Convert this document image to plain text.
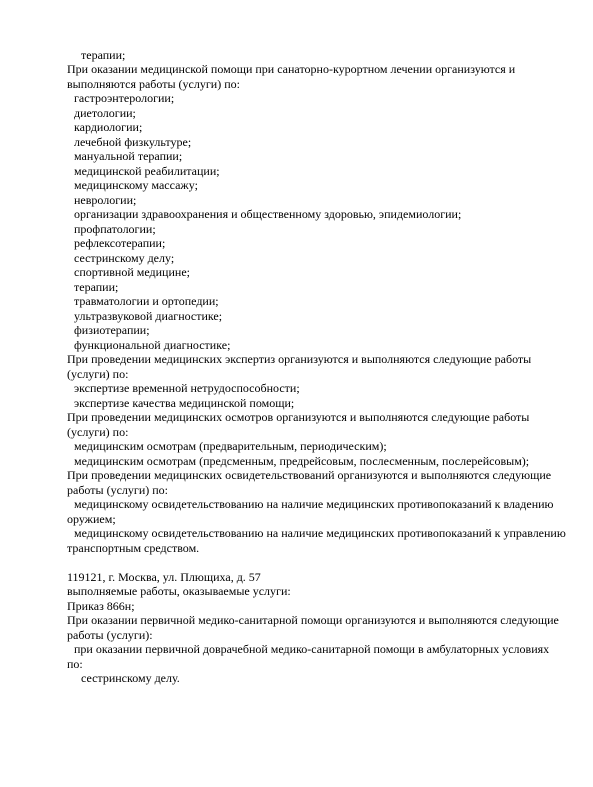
терапии;
При оказании медицинской помощи при санаторно-курортном лечении организуются и
выполняются работы (услуги) по:
гастроэнтерологии;
диетологии;
кардиологии;
лечебной физкультуре;
мануальной терапии;
медицинской реабилитации;
медицинскому массажу;
неврологии;
организации здравоохранения и общественному здоровью, эпидемиологии;
профпатологии;
рефлексотерапии;
сестринскому делу;
спортивной медицине;
терапии;
травматологии и ортопедии;
ультразвуковой диагностике;
физиотерапии;
функциональной диагностике;
При проведении медицинских экспертиз организуются и выполняются следующие работы
(услуги) по:
экспертизе временной нетрудоспособности;
экспертизе качества медицинской помощи;
При проведении медицинских осмотров организуются и выполняются следующие работы
(услуги) по:
медицинским осмотрам (предварительным, периодическим);
медицинским осмотрам (предсменным, предрейсовым, послесменным, послерейсовым);
При проведении медицинских освидетельствований организуются и выполняются следующие
работы (услуги) по:
медицинскому освидетельствованию на наличие медицинских противопоказаний к владению
оружием;
медицинскому освидетельствованию на наличие медицинских противопоказаний к управлению
транспортным средством.
119121, г. Москва, ул. Плющиха, д. 57
выполняемые работы, оказываемые услуги:
Приказ 866н;
При оказании первичной медико-санитарной помощи организуются и выполняются следующие
работы (услуги):
при оказании первичной доврачебной медико-санитарной помощи в амбулаторных условиях
по:
сестринскому делу.
